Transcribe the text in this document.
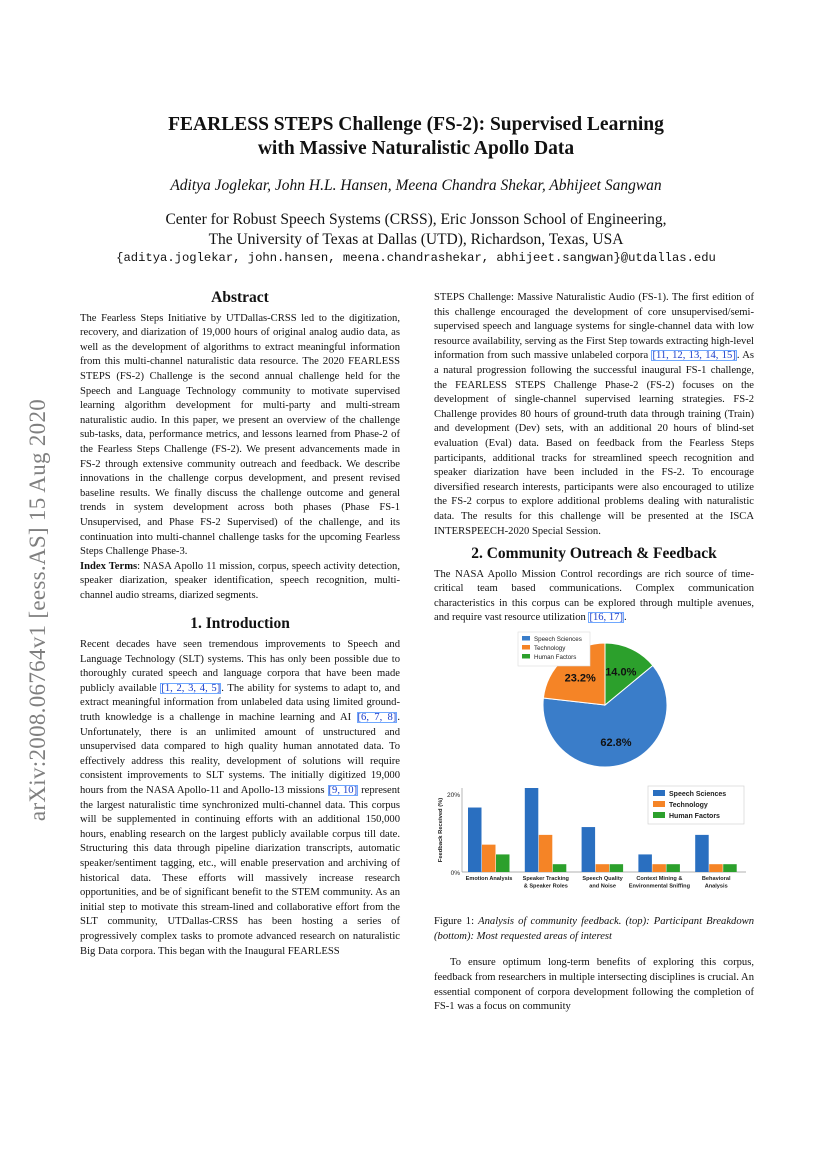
arXiv:2008.06764v1 [eess.AS] 15 Aug 2020
FEARLESS STEPS Challenge (FS-2): Supervised Learning
with Massive Naturalistic Apollo Data
Aditya Joglekar, John H.L. Hansen, Meena Chandra Shekar, Abhijeet Sangwan
Center for Robust Speech Systems (CRSS), Eric Jonsson School of Engineering,
The University of Texas at Dallas (UTD), Richardson, Texas, USA
{aditya.joglekar, john.hansen, meena.chandrashekar, abhijeet.sangwan}@utdallas.edu
Abstract

The Fearless Steps Initiative by UTDallas-CRSS led to the digitization, recovery, and diarization of 19,000 hours of original analog audio data, as well as the development of algorithms to extract meaningful information from this multi-channel naturalistic data resource. The 2020 FEARLESS STEPS (FS-2) Challenge is the second annual challenge held for the Speech and Language Technology community to motivate supervised learning algorithm development for multi-party and multi-stream naturalistic audio. In this paper, we present an overview of the challenge sub-tasks, data, performance metrics, and lessons learned from Phase-2 of the Fearless Steps Challenge (FS-2). We present advancements made in FS-2 through extensive community outreach and feedback. We describe innovations in the challenge corpus development, and present revised baseline results. We finally discuss the challenge outcome and general trends in system development across both phases (Phase FS-1 Unsupervised, and Phase FS-2 Supervised) of the challenge, and its continuation into multi-channel challenge tasks for the upcoming Fearless Steps Challenge Phase-3.

Index Terms: NASA Apollo 11 mission, corpus, speech activity detection, speaker diarization, speaker identification, speech recognition, multi-channel audio streams, diarized segments.

1. Introduction

Recent decades have seen tremendous improvements to Speech and Language Technology (SLT) systems. This has only been possible due to thoroughly curated speech and language corpora that have been made publicly available [1, 2, 3, 4, 5]. The ability for systems to adapt to, and extract meaningful information from unlabeled data using limited ground-truth knowledge is a challenge in machine learning and AI [6, 7, 8]. Unfortunately, there is an unlimited amount of unstructured and unsupervised data compared to high quality human annotated data. To effectively address this reality, development of solutions will require consistent improvements to SLT systems. The initially digitized 19,000 hours from the NASA Apollo-11 and Apollo-13 missions [9, 10] represent the largest naturalistic time synchronized multi-channel data. This corpus will be supplemented in continuing efforts with an additional 150,000 hours, enabling research on the largest publicly available corpus till date. Structuring this data through pipeline diarization transcripts, automatic speaker/sentiment tagging, etc., will enable preservation and archiving of historical data. These efforts will massively increase research opportunities, and be of significant benefit to the STEM community. As an initial step to motivate this stream-lined and collaborative effort from the SLT community, UTDallas-CRSS has been hosting a series of progressively complex tasks to promote advanced research on naturalistic Big Data corpora. This began with the Inaugural FEARLESS

STEPS Challenge: Massive Naturalistic Audio (FS-1). The first edition of this challenge encouraged the development of core unsupervised/semi-supervised speech and language systems for single-channel data with low resource availability, serving as the First Step towards extracting high-level information from such massive unlabeled corpora [11, 12, 13, 14, 15]. As a natural progression following the successful inaugural FS-1 challenge, the FEARLESS STEPS Challenge Phase-2 (FS-2) focuses on the development of single-channel supervised learning strategies. FS-2 Challenge provides 80 hours of ground-truth data through training (Train) and development (Dev) sets, with an additional 20 hours of blind-set evaluation (Eval) data. Based on feedback from the Fearless Steps participants, additional tracks for streamlined speech recognition and speaker diarization have been included in the FS-2. To encourage diversified research interests, participants were also encouraged to utilize the FS-2 corpus to explore additional problems dealing with naturalistic data. The results for this challenge will be presented at the ISCA INTERSPEECH-2020 Special Session.

2. Community Outreach & Feedback

The NASA Apollo Mission Control recordings are rich source of time-critical team based communications. Complex communication characteristics in this corpus can be explored through multiple avenues, and require vast resource utilization [16, 17].

62.8%
23.2% 14.0%
Speech Sciences
Technology
Human Factors

0%
20%
Feedback Received (%)
Emotion Analysis Speaker Tracking
& Speaker Roles
Speech Quality
and Noise
Context Mining &
Environmental Sniffing
Behavioral
Analysis
Speech Sciences
Technology
Human Factors
Figure 1: Analysis of community feedback. (top): Participant Breakdown (bottom): Most requested areas of interest

To ensure optimum long-term benefits of exploring this corpus, feedback from researchers in multiple intersecting disciplines is crucial. An essential component of corpora development following the completion of FS-1 was a focus on community
